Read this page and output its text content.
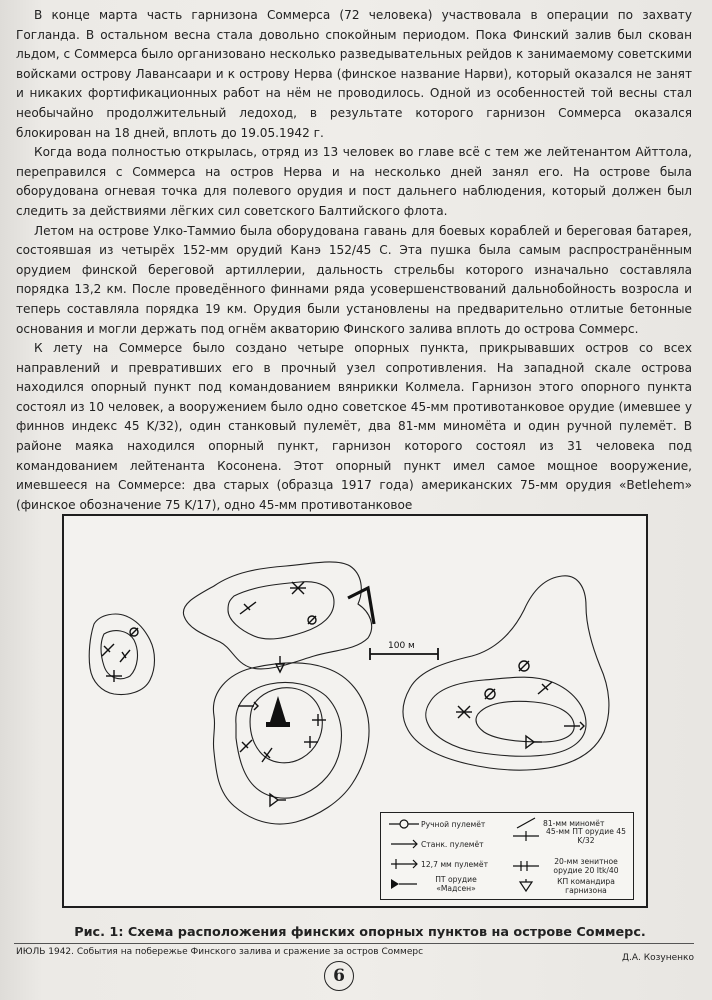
В конце марта часть гарнизона Соммерса (72 человека) участвовала в операции по захвату Гогланда. В остальном весна стала довольно спокойным периодом. Пока Финский залив был скован льдом, с Соммерса было организовано несколько разведывательных рейдов к занимаемому советскими войсками острову Лавансаари и к острову Нерва (финское название Нарви), который оказался не занят и никаких фортификационных работ на нём не проводилось. Одной из особенностей той весны стал необычайно продолжительный ледоход, в результате которого гарнизон Соммерса оказался блокирован на 18 дней, вплоть до 19.05.1942 г.

Когда вода полностью открылась, отряд из 13 человек во главе всё с тем же лейтенантом Айттола, переправился с Соммерса на остров Нерва и на несколько дней занял его. На острове была оборудована огневая точка для полевого орудия и пост дальнего наблюдения, который должен был следить за действиями лёгких сил советского Балтийского флота.

Летом на острове Улко-Таммио была оборудована гавань для боевых кораблей и береговая батарея, состоявшая из четырёх 152-мм орудий Канэ 152/45 С. Эта пушка была самым распространённым орудием финской береговой артиллерии, дальность стрельбы которого изначально составляла порядка 13,2 км. После проведённого финнами ряда усовершенствований дальнобойность возросла и теперь составляла порядка 19 км. Орудия были установлены на предварительно отлитые бетонные основания и могли держать под огнём акваторию Финского залива вплоть до острова Соммерс.

К лету на Соммерсе было создано четыре опорных пункта, прикрывавших остров со всех направлений и превративших его в прочный узел сопротивления. На западной скале острова находился опорный пункт под командованием вянрикки Колмела. Гарнизон этого опорного пункта состоял из 10 человек, а вооружением было одно советское 45-мм противотанковое орудие (имевшее у финнов индекс 45 K/32), один станковый пулемёт, два 81-мм миномёта и один ручной пулемёт. В районе маяка находился опорный пункт, гарнизон которого состоял из 31 человека под командованием лейтенанта Косонена. Этот опорный пункт имел самое мощное вооружение, имевшееся на Соммерсе: два старых (образца 1917 года) американских 75-мм орудия «Betlehem» (финское обозначение 75 K/17), одно 45-мм противотанковое

100 м
Ручной пулемёт
Станк. пулемёт
12,7 мм пулемёт
ПТ орудие «Мадсен»
81-мм миномёт
45-мм ПТ орудие 45 K/32
20-мм зенитное орудие 20 Itk/40
КП командира гарнизона
Рис. 1: Схема расположения финских опорных пунктов на острове Соммерс.
ИЮЛЬ 1942. События на побережье Финского залива и сражение за остров Соммерс
Д.А. Козуненко
6
